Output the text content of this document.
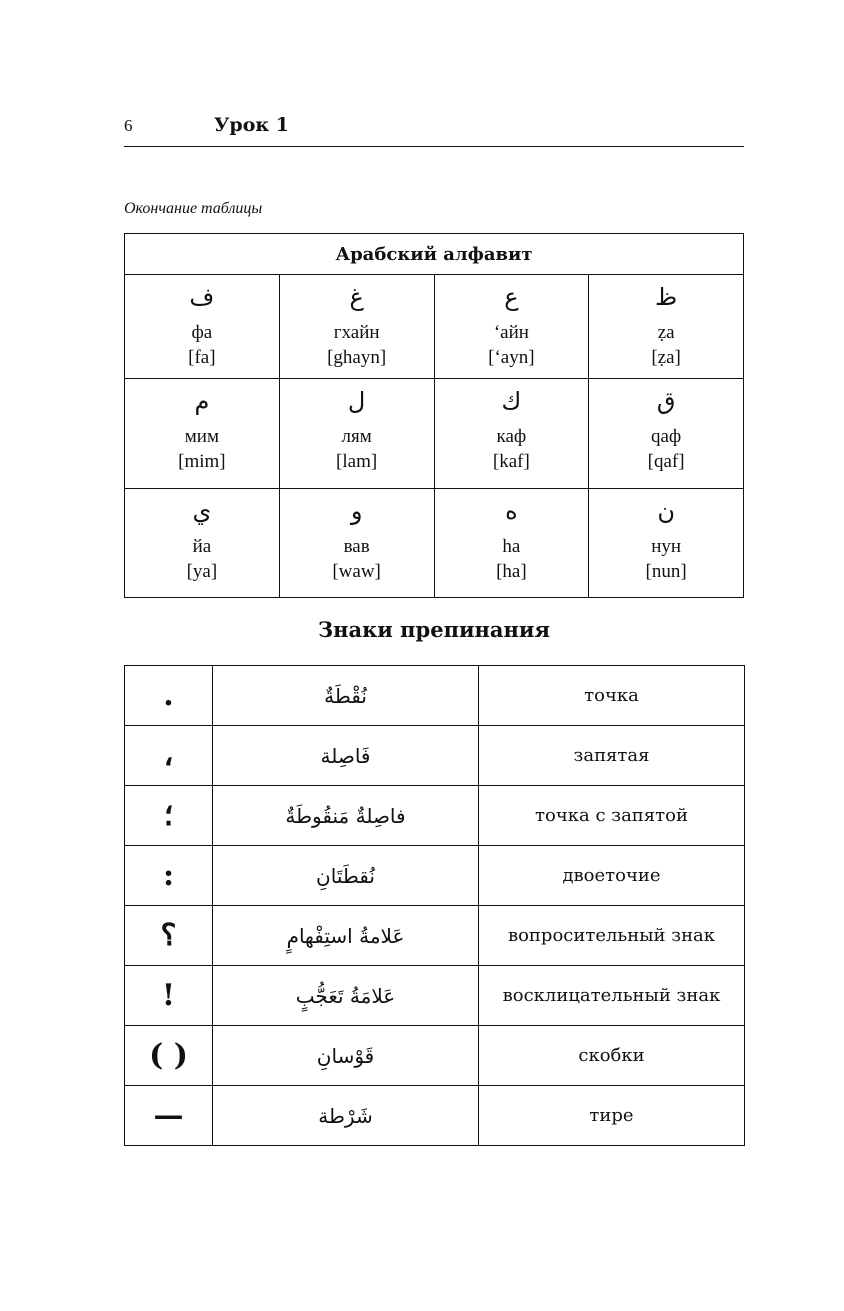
6	Урок 1
Окончание таблицы
Арабский алфавит			

ف
фа
[fa]	غ
гхайн
[ghayn]	ع
‘айн
[‘ayn]	ظ
ẓa
[ẓa]

م
мим
[mim]	ل
лям
[lam]	ك
каф
[kaf]	ق
qaф
[qaf]

ي
йа
[ya]	و
вав
[waw]	ه
ha
[ha]	ن
нун
[nun]
Знаки препинания
.	نُقْطَةٌ	точка
،	فَاصِلة	запятая
؛	فاصِلةٌ مَنقُوطَةٌ	точка с запятой
:	نُقطَتَانِ	двоеточие
؟	عَلامةُ استِفْهامٍ	вопросительный знак
!	عَلامَةُ تَعَجُّبٍ	восклицательный знак
( )	قَوْسانِ	скобки
—	شَرْطة	тире
